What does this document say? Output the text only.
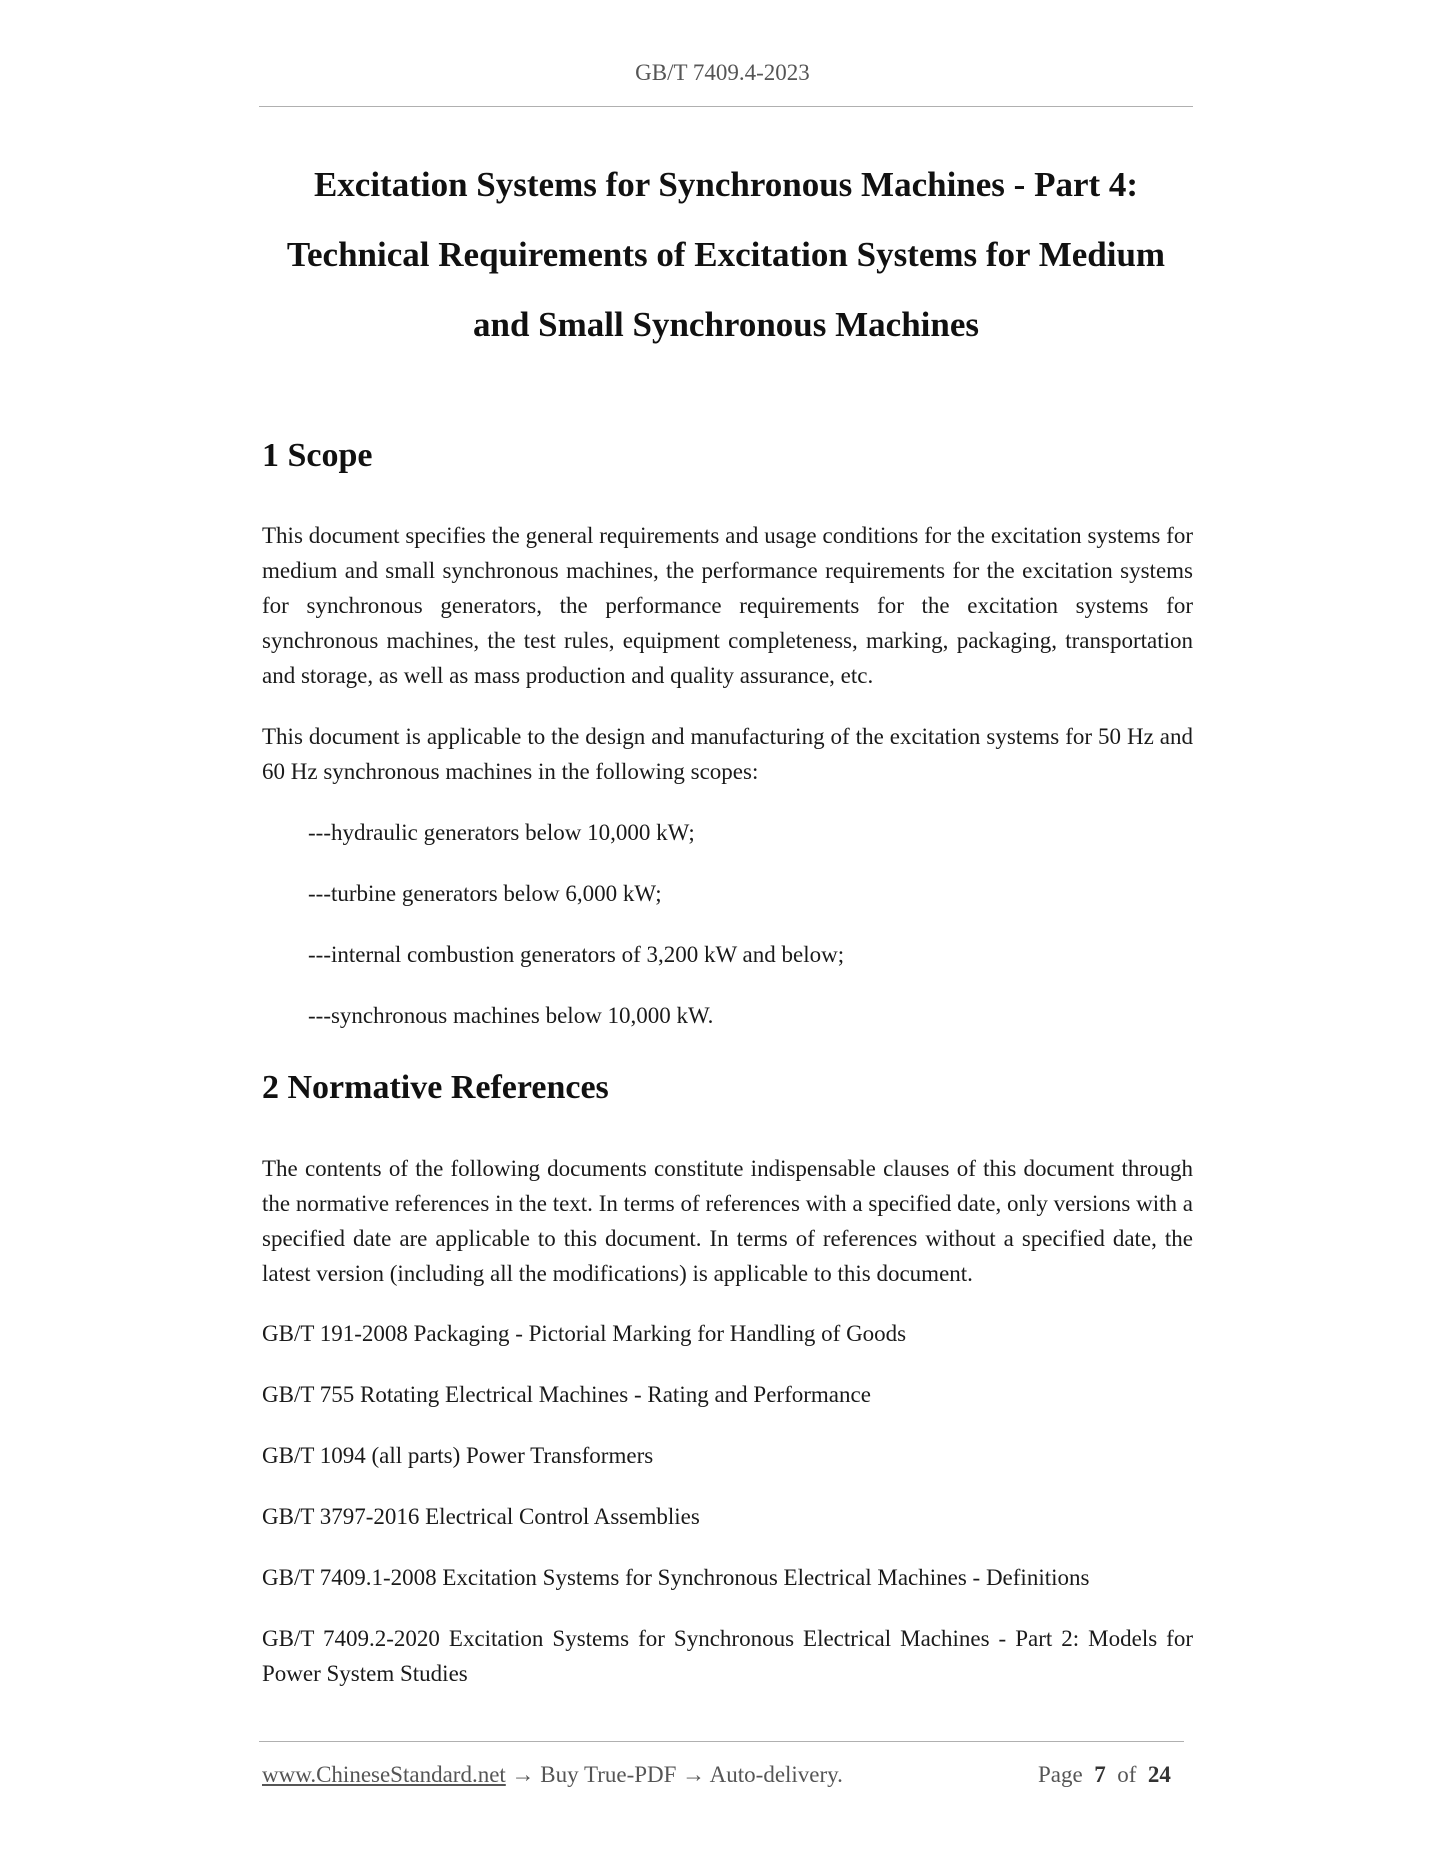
GB/T 7409.4-2023
Excitation Systems for Synchronous Machines - Part 4:
Technical Requirements of Excitation Systems for Medium
and Small Synchronous Machines
1 Scope

This document specifies the general requirements and usage conditions for the excitation systems for medium and small synchronous machines, the performance requirements for the excitation systems for synchronous generators, the performance requirements for the excitation systems for synchronous machines, the test rules, equipment completeness, marking, packaging, transportation and storage, as well as mass production and quality assurance, etc.

This document is applicable to the design and manufacturing of the excitation systems for 50 Hz and 60 Hz synchronous machines in the following scopes:

---hydraulic generators below 10,000 kW;

---turbine generators below 6,000 kW;

---internal combustion generators of 3,200 kW and below;

---synchronous machines below 10,000 kW.

2 Normative References

The contents of the following documents constitute indispensable clauses of this document through the normative references in the text. In terms of references with a specified date, only versions with a specified date are applicable to this document. In terms of references without a specified date, the latest version (including all the modifications) is applicable to this document.

GB/T 191-2008 Packaging - Pictorial Marking for Handling of Goods

GB/T 755 Rotating Electrical Machines - Rating and Performance

GB/T 1094 (all parts) Power Transformers

GB/T 3797-2016 Electrical Control Assemblies

GB/T 7409.1-2008 Excitation Systems for Synchronous Electrical Machines - Definitions

GB/T 7409.2-2020 Excitation Systems for Synchronous Electrical Machines - Part 2: Models for Power System Studies

www.ChineseStandard.net → Buy True-PDF → Auto-delivery.	Page 7 of 24
